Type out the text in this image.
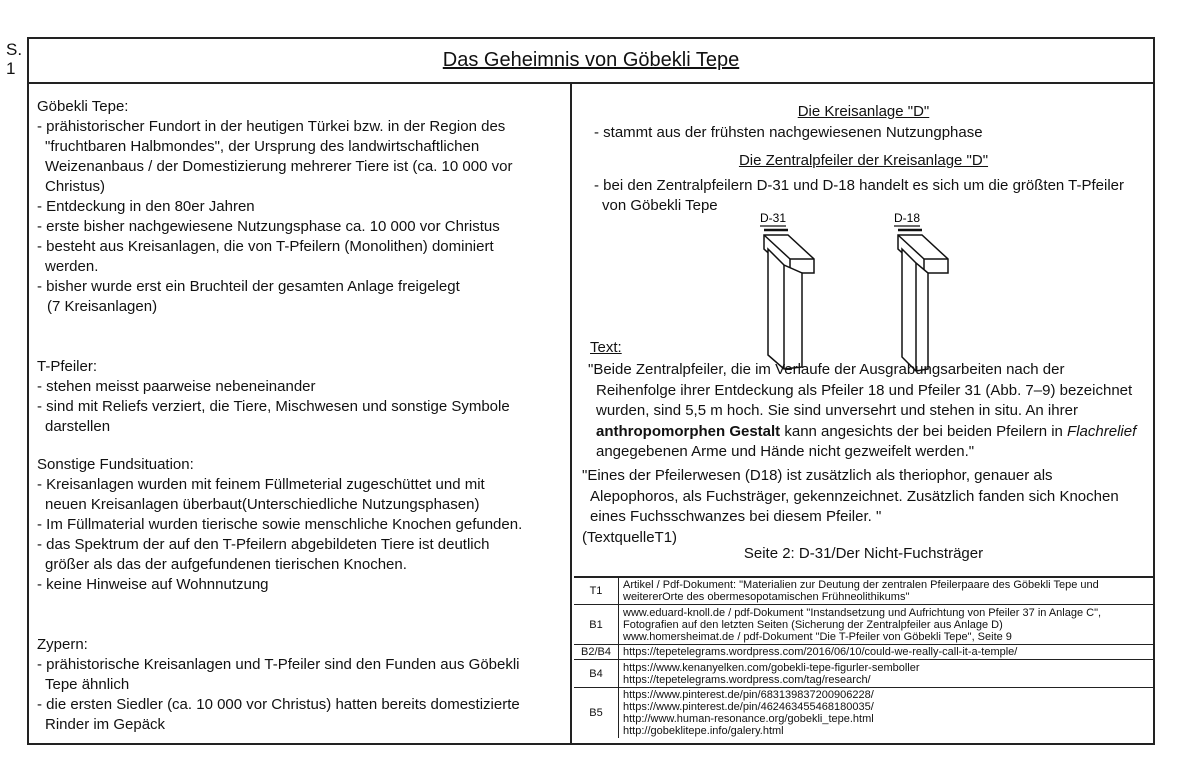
S.
1	Das Geheimnis von Göbekli Tepe
Göbekli Tepe:
- prähistorischer Fundort in der heutigen Türkei bzw. in der Region des
"fruchtbaren Halbmondes", der Ursprung des landwirtschaftlichen
Weizenanbaus / der Domestizierung mehrerer Tiere ist (ca. 10 000 vor
Christus)
- Entdeckung in den 80er Jahren
- erste bisher nachgewiesene Nutzungsphase ca. 10 000 vor Christus
- besteht aus Kreisanlagen, die von T-Pfeilern (Monolithen) dominiert
werden.
- bisher wurde erst ein Bruchteil der gesamten Anlage freigelegt
(7 Kreisanlagen)
T-Pfeiler:
- stehen meisst paarweise nebeneinander
- sind mit Reliefs verziert, die Tiere, Mischwesen und sonstige Symbole
darstellen
Sonstige Fundsituation:
- Kreisanlagen wurden mit feinem Füllmeterial zugeschüttet und mit
neuen Kreisanlagen überbaut(Unterschiedliche Nutzungsphasen)
- Im Füllmaterial wurden tierische sowie menschliche Knochen gefunden.
- das Spektrum der auf den T-Pfeilern abgebildeten Tiere ist deutlich
größer als das der aufgefundenen tierischen Knochen.
- keine Hinweise auf Wohnnutzung
Zypern:
- prähistorische Kreisanlagen und T-Pfeiler sind den Funden aus Göbekli
Tepe ähnlich
- die ersten Siedler (ca. 10 000 vor Christus) hatten bereits domestizierte
Rinder im Gepäck
Die Kreisanlage "D"
- stammt aus der frühsten nachgewiesenen Nutzungphase
Die Zentralpfeiler der Kreisanlage "D"
- bei den Zentralpfeilern D-31 und D-18 handelt es sich um die größten T-Pfeiler
von Göbekli Tepe
D-31	D-18
Text:
"Beide Zentralpfeiler, die im Verlaufe der Ausgrabungsarbeiten nach der
Reihenfolge ihrer Entdeckung als Pfeiler 18 und Pfeiler 31 (Abb. 7–9) bezeichnet
wurden, sind 5,5 m hoch. Sie sind unversehrt und stehen in situ. An ihrer
anthropomorphen Gestalt kann angesichts der bei beiden Pfeilern in Flachrelief
angegebenen Arme und Hände nicht gezweifelt werden."
"Eines der Pfeilerwesen (D18) ist zusätzlich als theriophor, genauer als
Alepophoros, als Fuchsträger, gekennzeichnet. Zusätzlich fanden sich Knochen
eines Fuchsschwanzes bei diesem Pfeiler. "
(TextquelleT1)
Seite 2: D-31/Der Nicht-Fuchsträger
T1	Artikel / Pdf-Dokument: "Materialien zur Deutung der zentralen Pfeilerpaare des Göbekli Tepe und
weitererOrte des obermesopotamischen Frühneolithikums"

B1	www.eduard-knoll.de / pdf-Dokument "Instandsetzung und Aufrichtung von Pfeiler 37 in Anlage C",
Fotografien auf den letzten Seiten (Sicherung der Zentralpfeiler aus Anlage D)
www.homersheimat.de / pdf-Dokument "Die T-Pfeiler von Göbekli Tepe", Seite 9

B2/B4	https://tepetelegrams.wordpress.com/2016/06/10/could-we-really-call-it-a-temple/

B4	https://www.kenanyelken.com/gobekli-tepe-figurler-semboller
https://tepetelegrams.wordpress.com/tag/research/

B5	https://www.pinterest.de/pin/683139837200906228/
https://www.pinterest.de/pin/462463455468180035/
http://www.human-resonance.org/gobekli_tepe.html
http://gobeklitepe.info/galery.html
